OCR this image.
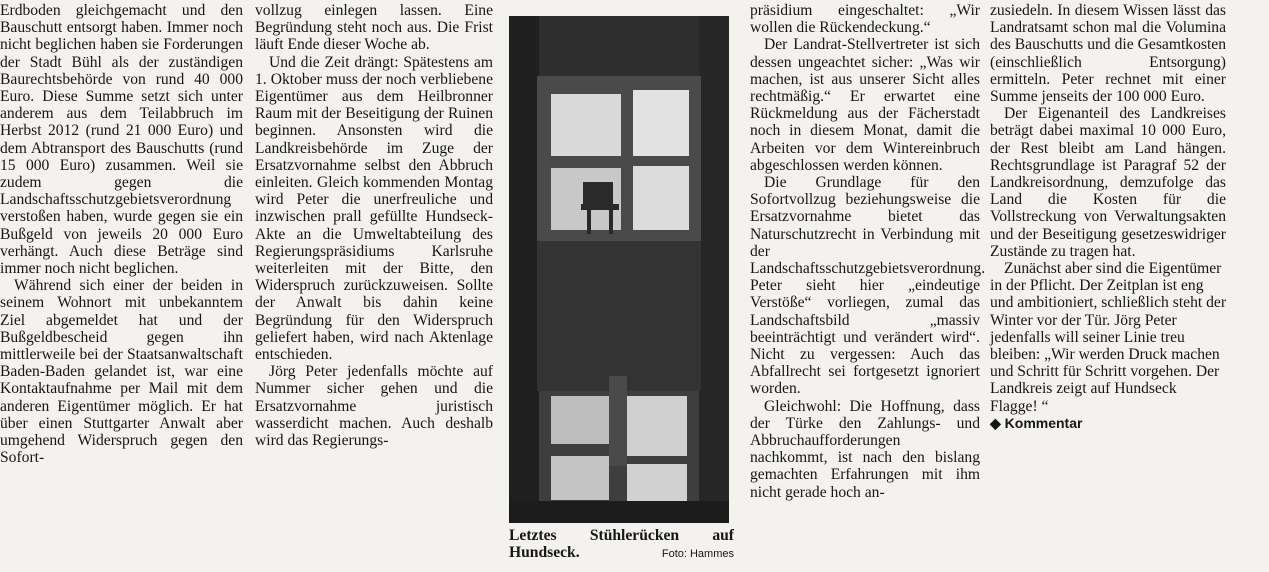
Erdboden gleichgemacht und den Bauschutt entsorgt haben. Immer noch nicht beglichen haben sie Forderungen der Stadt Bühl als der zuständigen Baurechtsbehörde von rund 40 000 Euro. Diese Summe setzt sich unter anderem aus dem Teilabbruch im Herbst 2012 (rund 21 000 Euro) und dem Abtransport des Bauschutts (rund 15 000 Euro) zusammen. Weil sie zudem gegen die Landschaftsschutzgebietsverordnung verstoßen haben, wurde gegen sie ein Bußgeld von jeweils 20 000 Euro verhängt. Auch diese Beträge sind immer noch nicht beglichen.

Während sich einer der beiden in seinem Wohnort mit unbekanntem Ziel abgemeldet hat und der Bußgeldbescheid gegen ihn mittlerweile bei der Staatsanwaltschaft Baden-Baden gelandet ist, war eine Kontaktaufnahme per Mail mit dem anderen Eigentümer möglich. Er hat über einen Stuttgarter Anwalt aber umgehend Widerspruch gegen den Sofort-

vollzug einlegen lassen. Eine Begründung steht noch aus. Die Frist läuft Ende dieser Woche ab.

Und die Zeit drängt: Spätestens am 1. Oktober muss der noch verbliebene Eigentümer aus dem Heilbronner Raum mit der Beseitigung der Ruinen beginnen. Ansonsten wird die Landkreisbehörde im Zuge der Ersatzvornahme selbst den Abbruch einleiten. Gleich kommenden Montag wird Peter die unerfreuliche und inzwischen prall gefüllte Hundseck-Akte an die Umweltabteilung des Regierungspräsidiums Karlsruhe weiterleiten mit der Bitte, den Widerspruch zurückzuweisen. Sollte der Anwalt bis dahin keine Begründung für den Widerspruch geliefert haben, wird nach Aktenlage entschieden.

Jörg Peter jedenfalls möchte auf Nummer sicher gehen und die Ersatzvornahme juristisch wasserdicht machen. Auch deshalb wird das Regierungs-

Letztes Stühlerücken auf
Hundseck.	Foto: Hammes

präsidium eingeschaltet: „Wir wollen die Rückendeckung.“

Der Landrat-Stellvertreter ist sich dessen ungeachtet sicher: „Was wir machen, ist aus unserer Sicht alles rechtmäßig.“ Er erwartet eine Rückmeldung aus der Fächerstadt noch in diesem Monat, damit die Arbeiten vor dem Wintereinbruch abgeschlossen werden können.

Die Grundlage für den Sofortvollzug beziehungsweise die Ersatzvornahme bietet das Naturschutzrecht in Verbindung mit der Landschaftsschutzgebietsverordnung. Peter sieht hier „eindeutige Verstöße“ vorliegen, zumal das Landschaftsbild „massiv beeinträchtigt und verändert wird“. Nicht zu vergessen: Auch das Abfallrecht sei fortgesetzt ignoriert worden.

Gleichwohl: Die Hoffnung, dass der Türke den Zahlungs- und Abbruchaufforderungen nachkommt, ist nach den bislang gemachten Erfahrungen mit ihm nicht gerade hoch an-

zusiedeln. In diesem Wissen lässt das Landratsamt schon mal die Volumina des Bauschutts und die Gesamtkosten (einschließlich Entsorgung) ermitteln. Peter rechnet mit einer Summe jenseits der 100 000 Euro.

Der Eigenanteil des Landkreises beträgt dabei maximal 10 000 Euro, der Rest bleibt am Land hängen. Rechtsgrundlage ist Paragraf 52 der Landkreisordnung, demzufolge das Land die Kosten für die Vollstreckung von Verwaltungsakten und der Beseitigung gesetzeswidriger Zustände zu tragen hat.

Zunächst aber sind die Eigentümer in der Pflicht. Der Zeitplan ist eng und ambitioniert, schließlich steht der Winter vor der Tür. Jörg Peter jedenfalls will seiner Linie treu bleiben: „Wir werden Druck machen und Schritt für Schritt vorgehen. Der Landkreis zeigt auf Hundseck Flagge! “

◆ Kommentar
